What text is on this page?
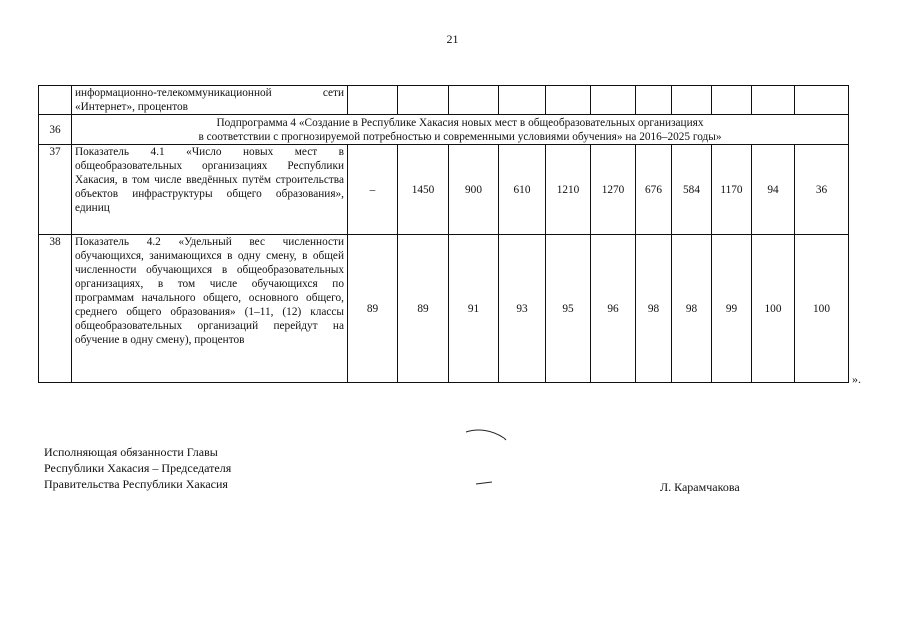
21
	информационно-телекоммуникационной сети «Интернет», процентов											
36	Подпрограмма 4 «Создание в Республике Хакасия новых мест в общеобразовательных организациях
в соответствии с прогнозируемой потребностью и современными условиями обучения» на 2016–2025 годы»											

37	Показатель 4.1 «Число новых мест в общеобразовательных организациях Республики Хакасия, в том числе введённых путём строительства объектов инфраструктуры общего образования», единиц	–	1450	900	610	1210	1270	676	584	1170	94	36
38	Показатель 4.2 «Удельный вес численности обучающихся, занимающихся в одну смену, в общей численности обучающихся в общеобразовательных организациях, в том числе обучающихся по программам начального общего, основного общего, среднего общего образования» (1–11, (12) классы общеобразовательных организаций перейдут на обучение в одну смену), процентов	89	89	91	93	95	96	98	98	99	100	100
».
Исполняющая обязанности Главы
Республики Хакасия – Председателя
Правительства Республики Хакасия	Л. Карамчакова
